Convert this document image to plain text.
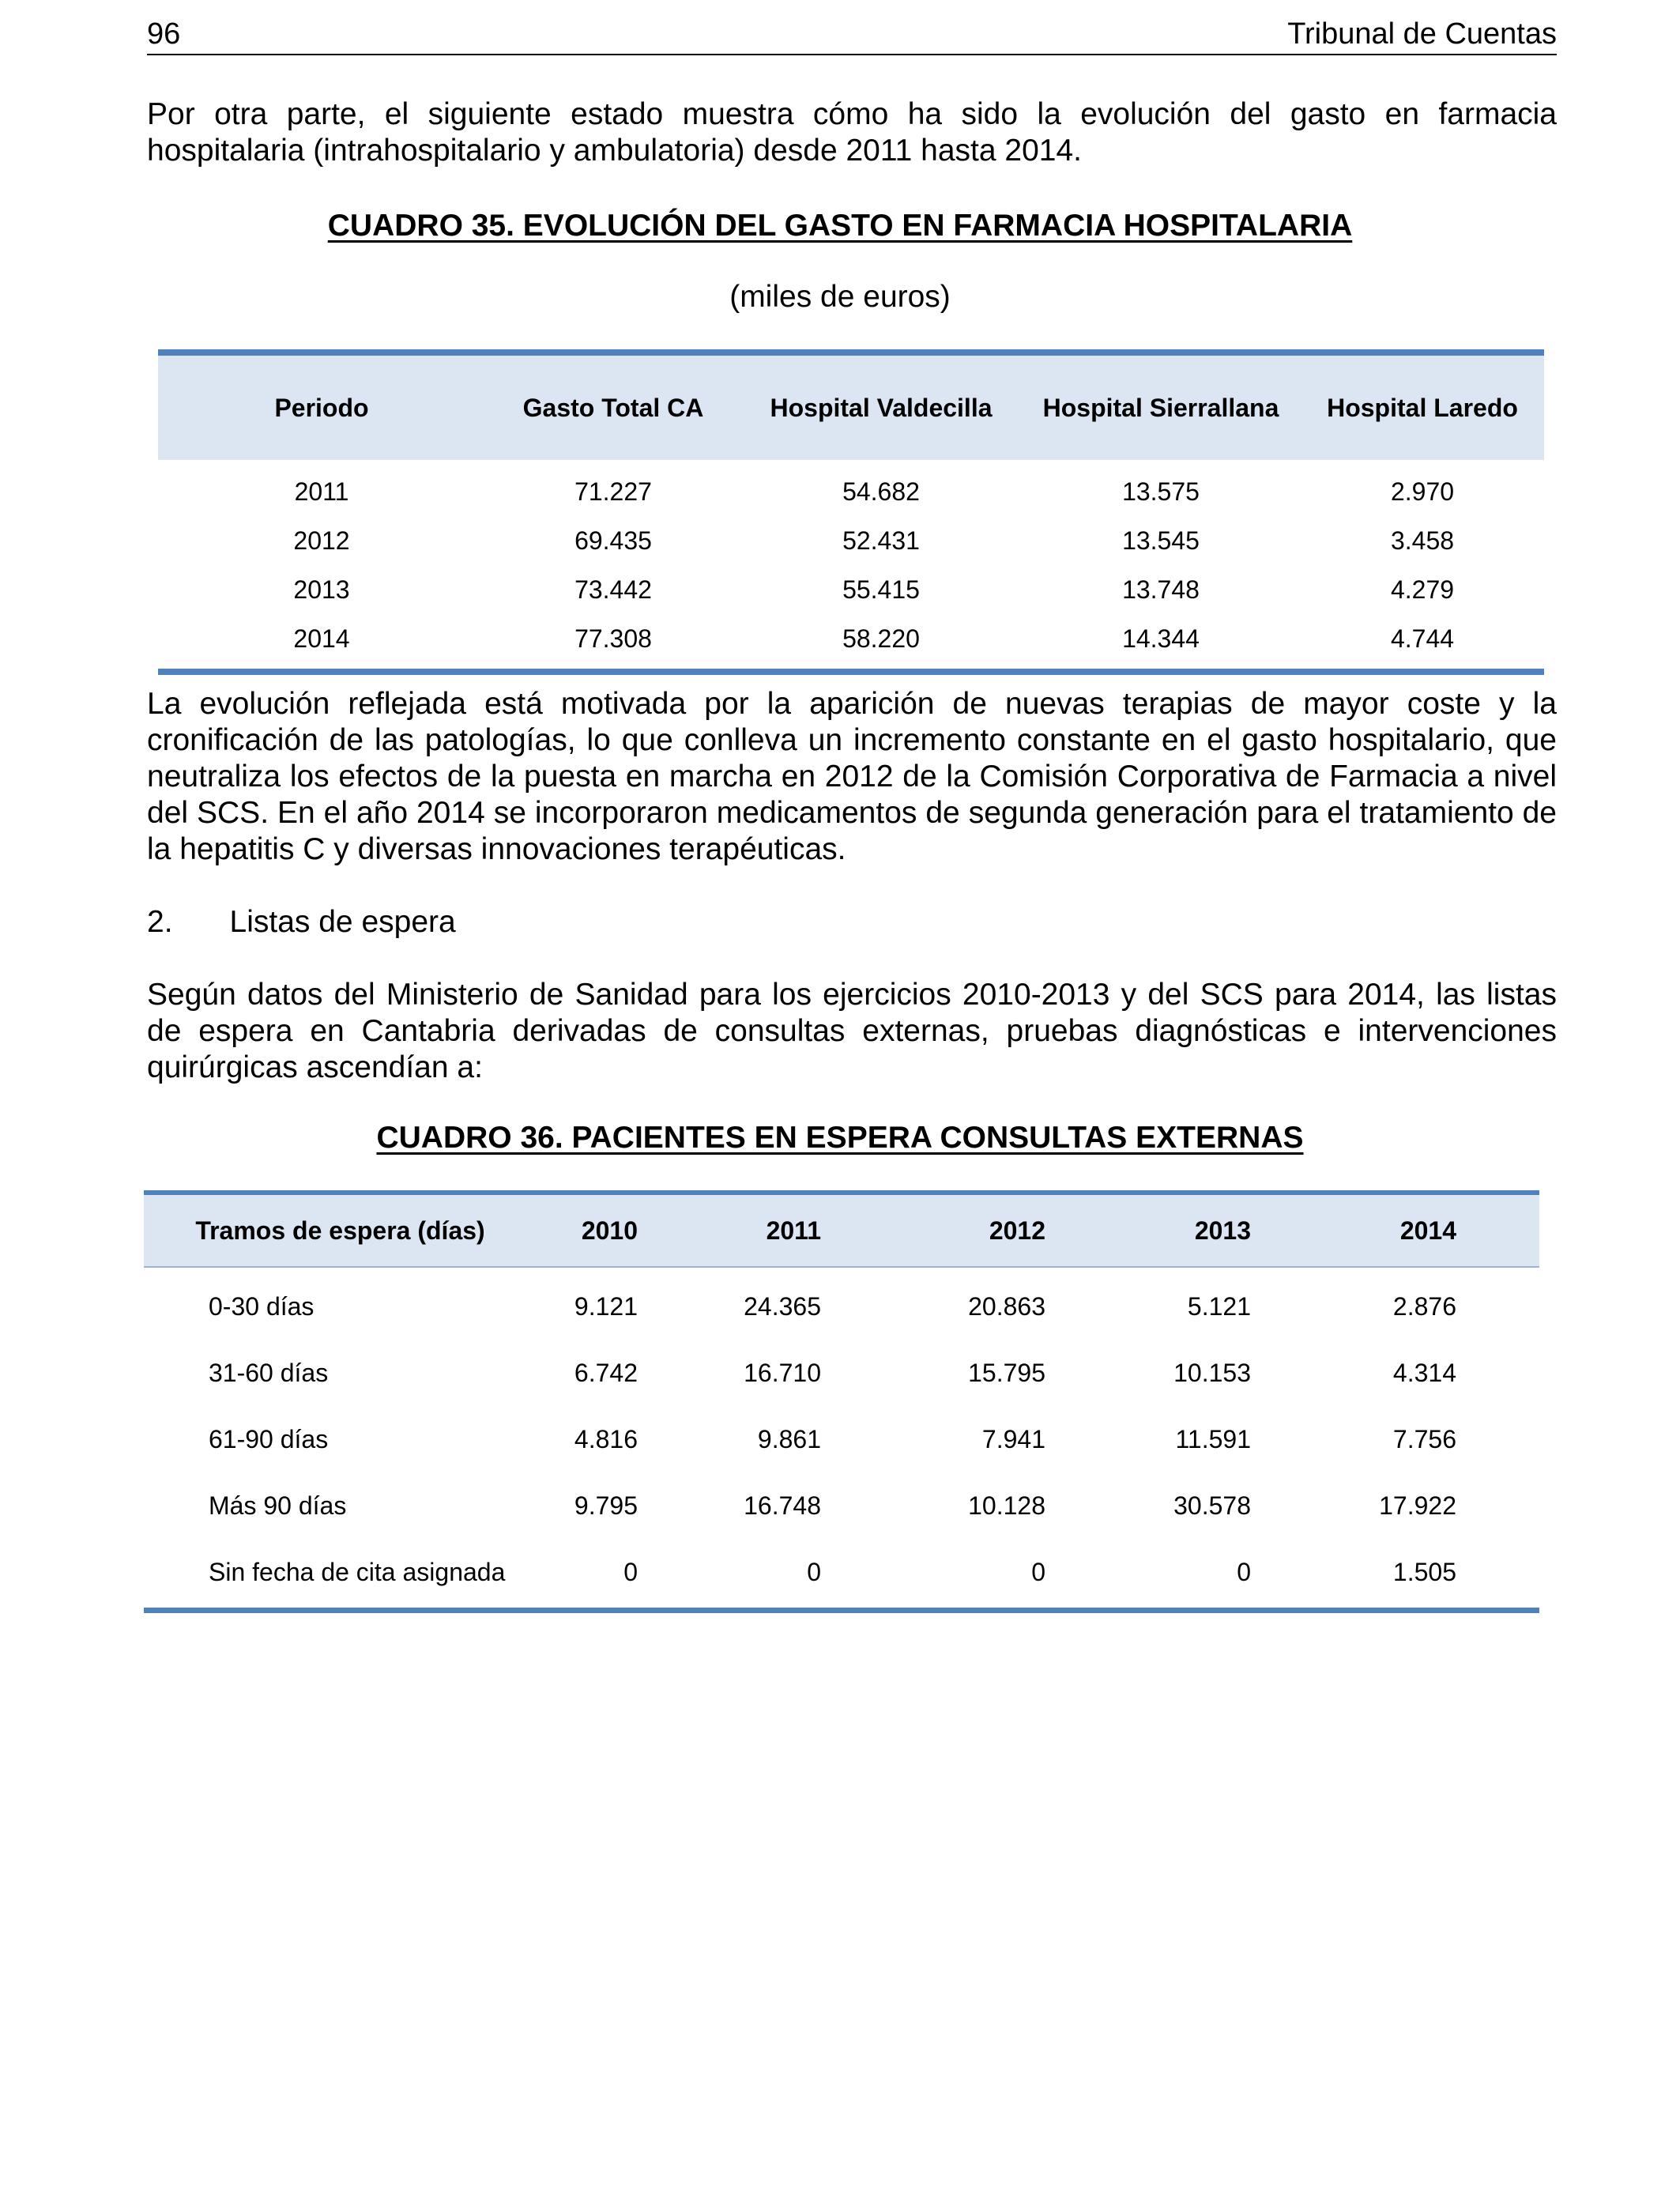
96	Tribunal de Cuentas

Por otra parte, el siguiente estado muestra cómo ha sido la evolución del gasto en farmacia hospitalaria (intrahospitalario y ambulatoria) desde 2011 hasta 2014.

CUADRO 35. EVOLUCIÓN DEL GASTO EN FARMACIA HOSPITALARIA

(miles de euros)

Periodo	Gasto Total CA	Hospital Valdecilla	Hospital Sierrallana	Hospital Laredo
2011	71.227	54.682	13.575	2.970
2012	69.435	52.431	13.545	3.458
2013	73.442	55.415	13.748	4.279
2014	77.308	58.220	14.344	4.744

La evolución reflejada está motivada por la aparición de nuevas terapias de mayor coste y la cronificación de las patologías, lo que conlleva un incremento constante en el gasto hospitalario, que neutraliza los efectos de la puesta en marcha en 2012 de la Comisión Corporativa de Farmacia a nivel del SCS. En el año 2014 se incorporaron medicamentos de segunda generación para el tratamiento de la hepatitis C y diversas innovaciones terapéuticas.

2. Listas de espera

Según datos del Ministerio de Sanidad para los ejercicios 2010-2013 y del SCS para 2014, las listas de espera en Cantabria derivadas de consultas externas, pruebas diagnósticas e intervenciones quirúrgicas ascendían a:

CUADRO 36. PACIENTES EN ESPERA CONSULTAS EXTERNAS

Tramos de espera (días)	2010	2011	2012	2013	2014	
0-30 días	9.121	24.365	20.863	5.121	2.876	
31-60 días	6.742	16.710	15.795	10.153	4.314	
61-90 días	4.816	9.861	7.941	11.591	7.756	
Más 90 días	9.795	16.748	10.128	30.578	17.922	
Sin fecha de cita asignada	0	0	0	0	1.505	
